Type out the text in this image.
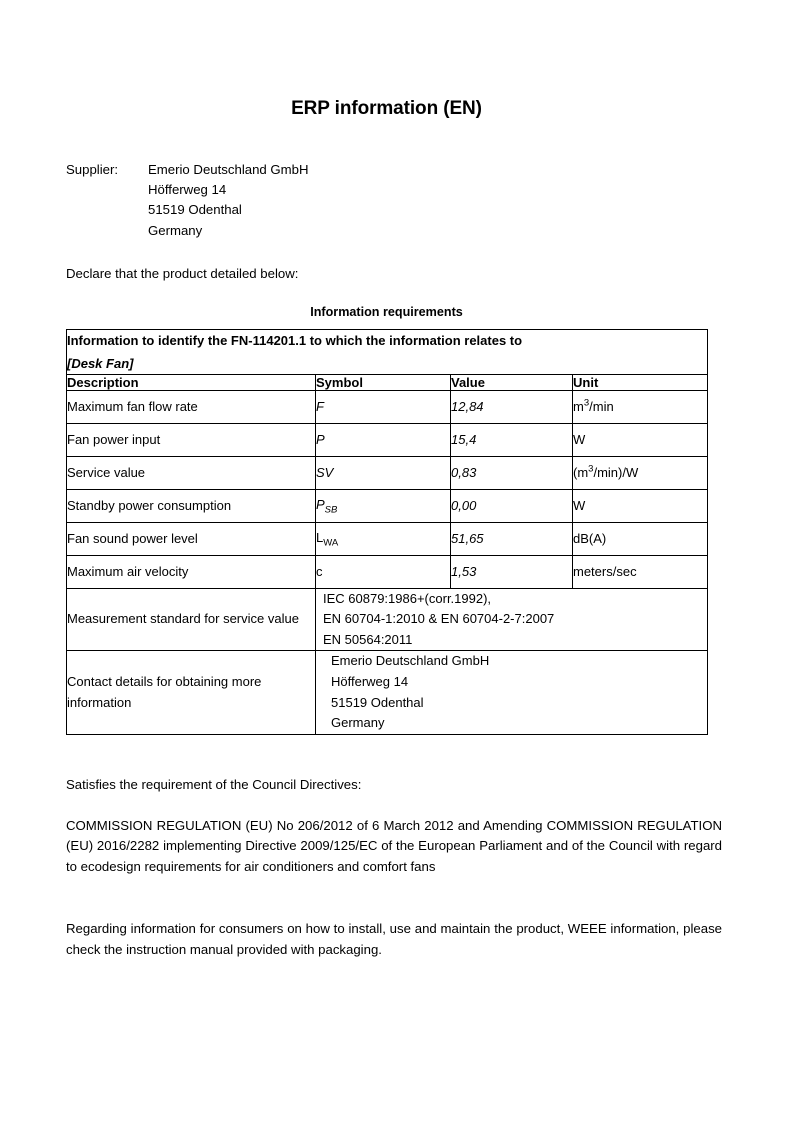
ERP information (EN)
Supplier:	Emerio Deutschland GmbH
Höfferweg 14
51519 Odenthal
Germany
Declare that the product detailed below:
Information requirements
Information to identify the FN-114201.1 to which the information relates to
[Desk Fan]			

Description	Symbol	Value	Unit
Maximum fan flow rate	F	12,84	$m^3/\min$
Fan power input	P	15,4	W
Service value	SV	0,83	$(m^3/\min)/W$
Standby power consumption	$P_{SB}$	0,00	W
Fan sound power level	$L_{WA}$	51,65	dB(A)
Maximum air velocity	c	1,53	meters/sec
Measurement standard for service value	IEC 60879:1986+(corr.1992),
EN 60704-1:2010 & EN 60704-2-7:2007
EN 50564:2011		

Contact details for obtaining more information	Emerio Deutschland GmbH
Höfferweg 14
51519 Odenthal
Germany		
Satisfies the requirement of the Council Directives:
COMMISSION REGULATION (EU) No 206/2012 of 6 March 2012 and Amending COMMISSION REGULATION (EU) 2016/2282 implementing Directive 2009/125/EC of the European Parliament and of the Council with regard to ecodesign requirements for air conditioners and comfort fans
Regarding information for consumers on how to install, use and maintain the product, WEEE information, please check the instruction manual provided with packaging.
